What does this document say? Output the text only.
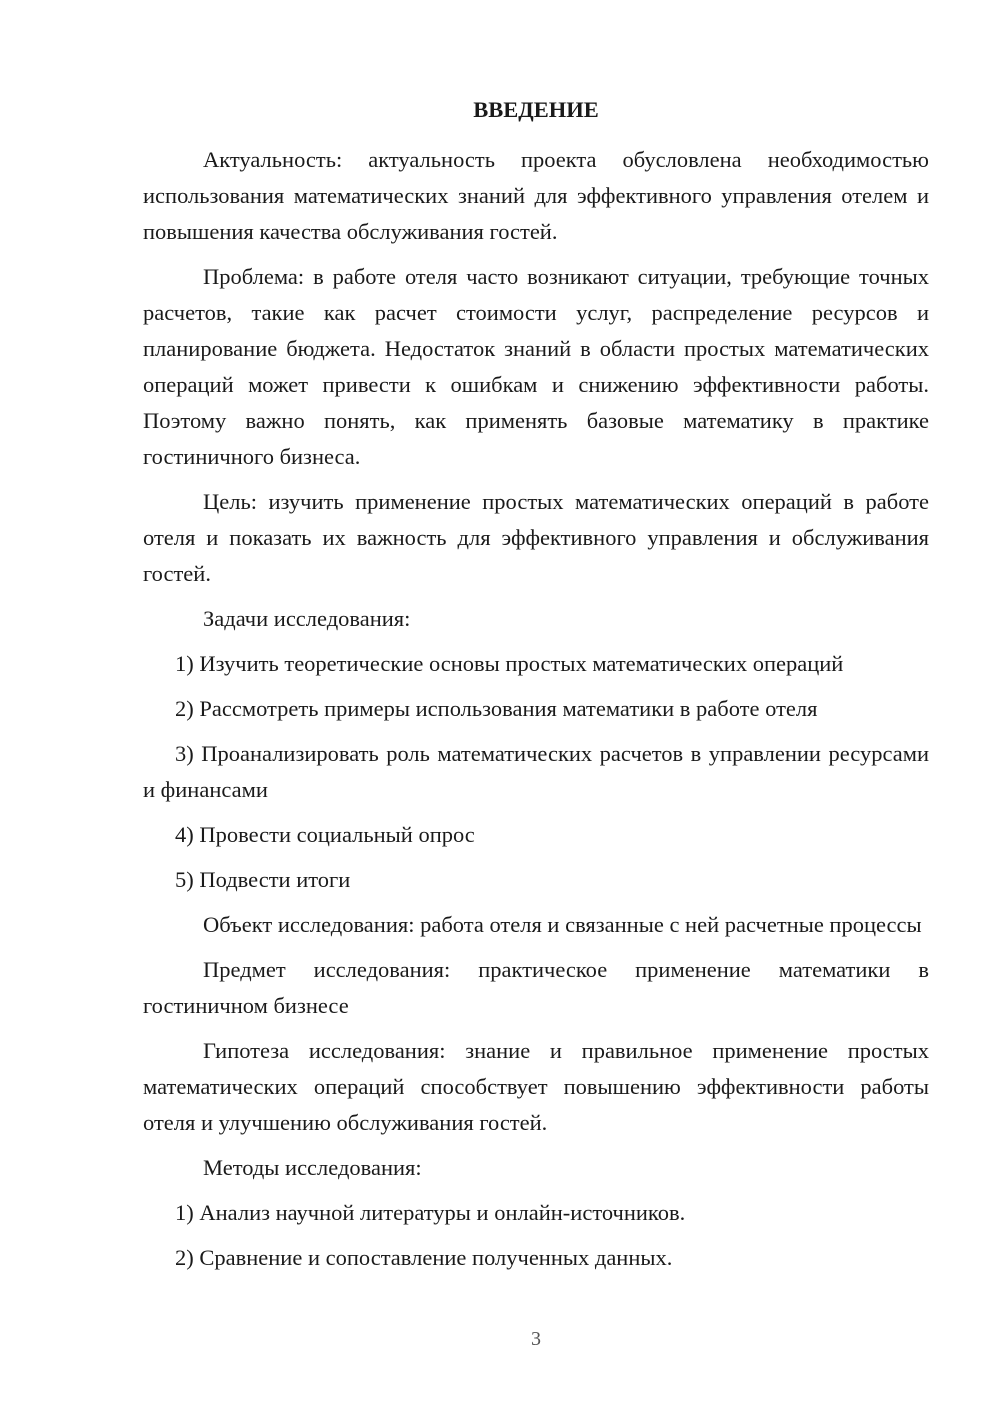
ВВЕДЕНИЕ

Актуальность: актуальность проекта обусловлена необходимостью использования математических знаний для эффективного управления отелем и повышения качества обслуживания гостей.

Проблема: в работе отеля часто возникают ситуации, требующие точных расчетов, такие как расчет стоимости услуг, распределение ресурсов и планирование бюджета. Недостаток знаний в области простых математических операций может привести к ошибкам и снижению эффективности работы. Поэтому важно понять, как применять базовые математику в практике гостиничного бизнеса.

Цель: изучить применение простых математических операций в работе отеля и показать их важность для эффективного управления и обслуживания гостей.

Задачи исследования:

1) Изучить теоретические основы простых математических операций

2) Рассмотреть примеры использования математики в работе отеля

3) Проанализировать роль математических расчетов в управлении ресурсами и финансами

4) Провести социальный опрос

5) Подвести итоги

Объект исследования: работа отеля и связанные с ней расчетные процессы

Предмет исследования: практическое применение математики в гостиничном бизнесе

Гипотеза исследования: знание и правильное применение простых математических операций способствует повышению эффективности работы отеля и улучшению обслуживания гостей.

Методы исследования:

1) Анализ научной литературы и онлайн-источников.

2) Сравнение и сопоставление полученных данных.

3
